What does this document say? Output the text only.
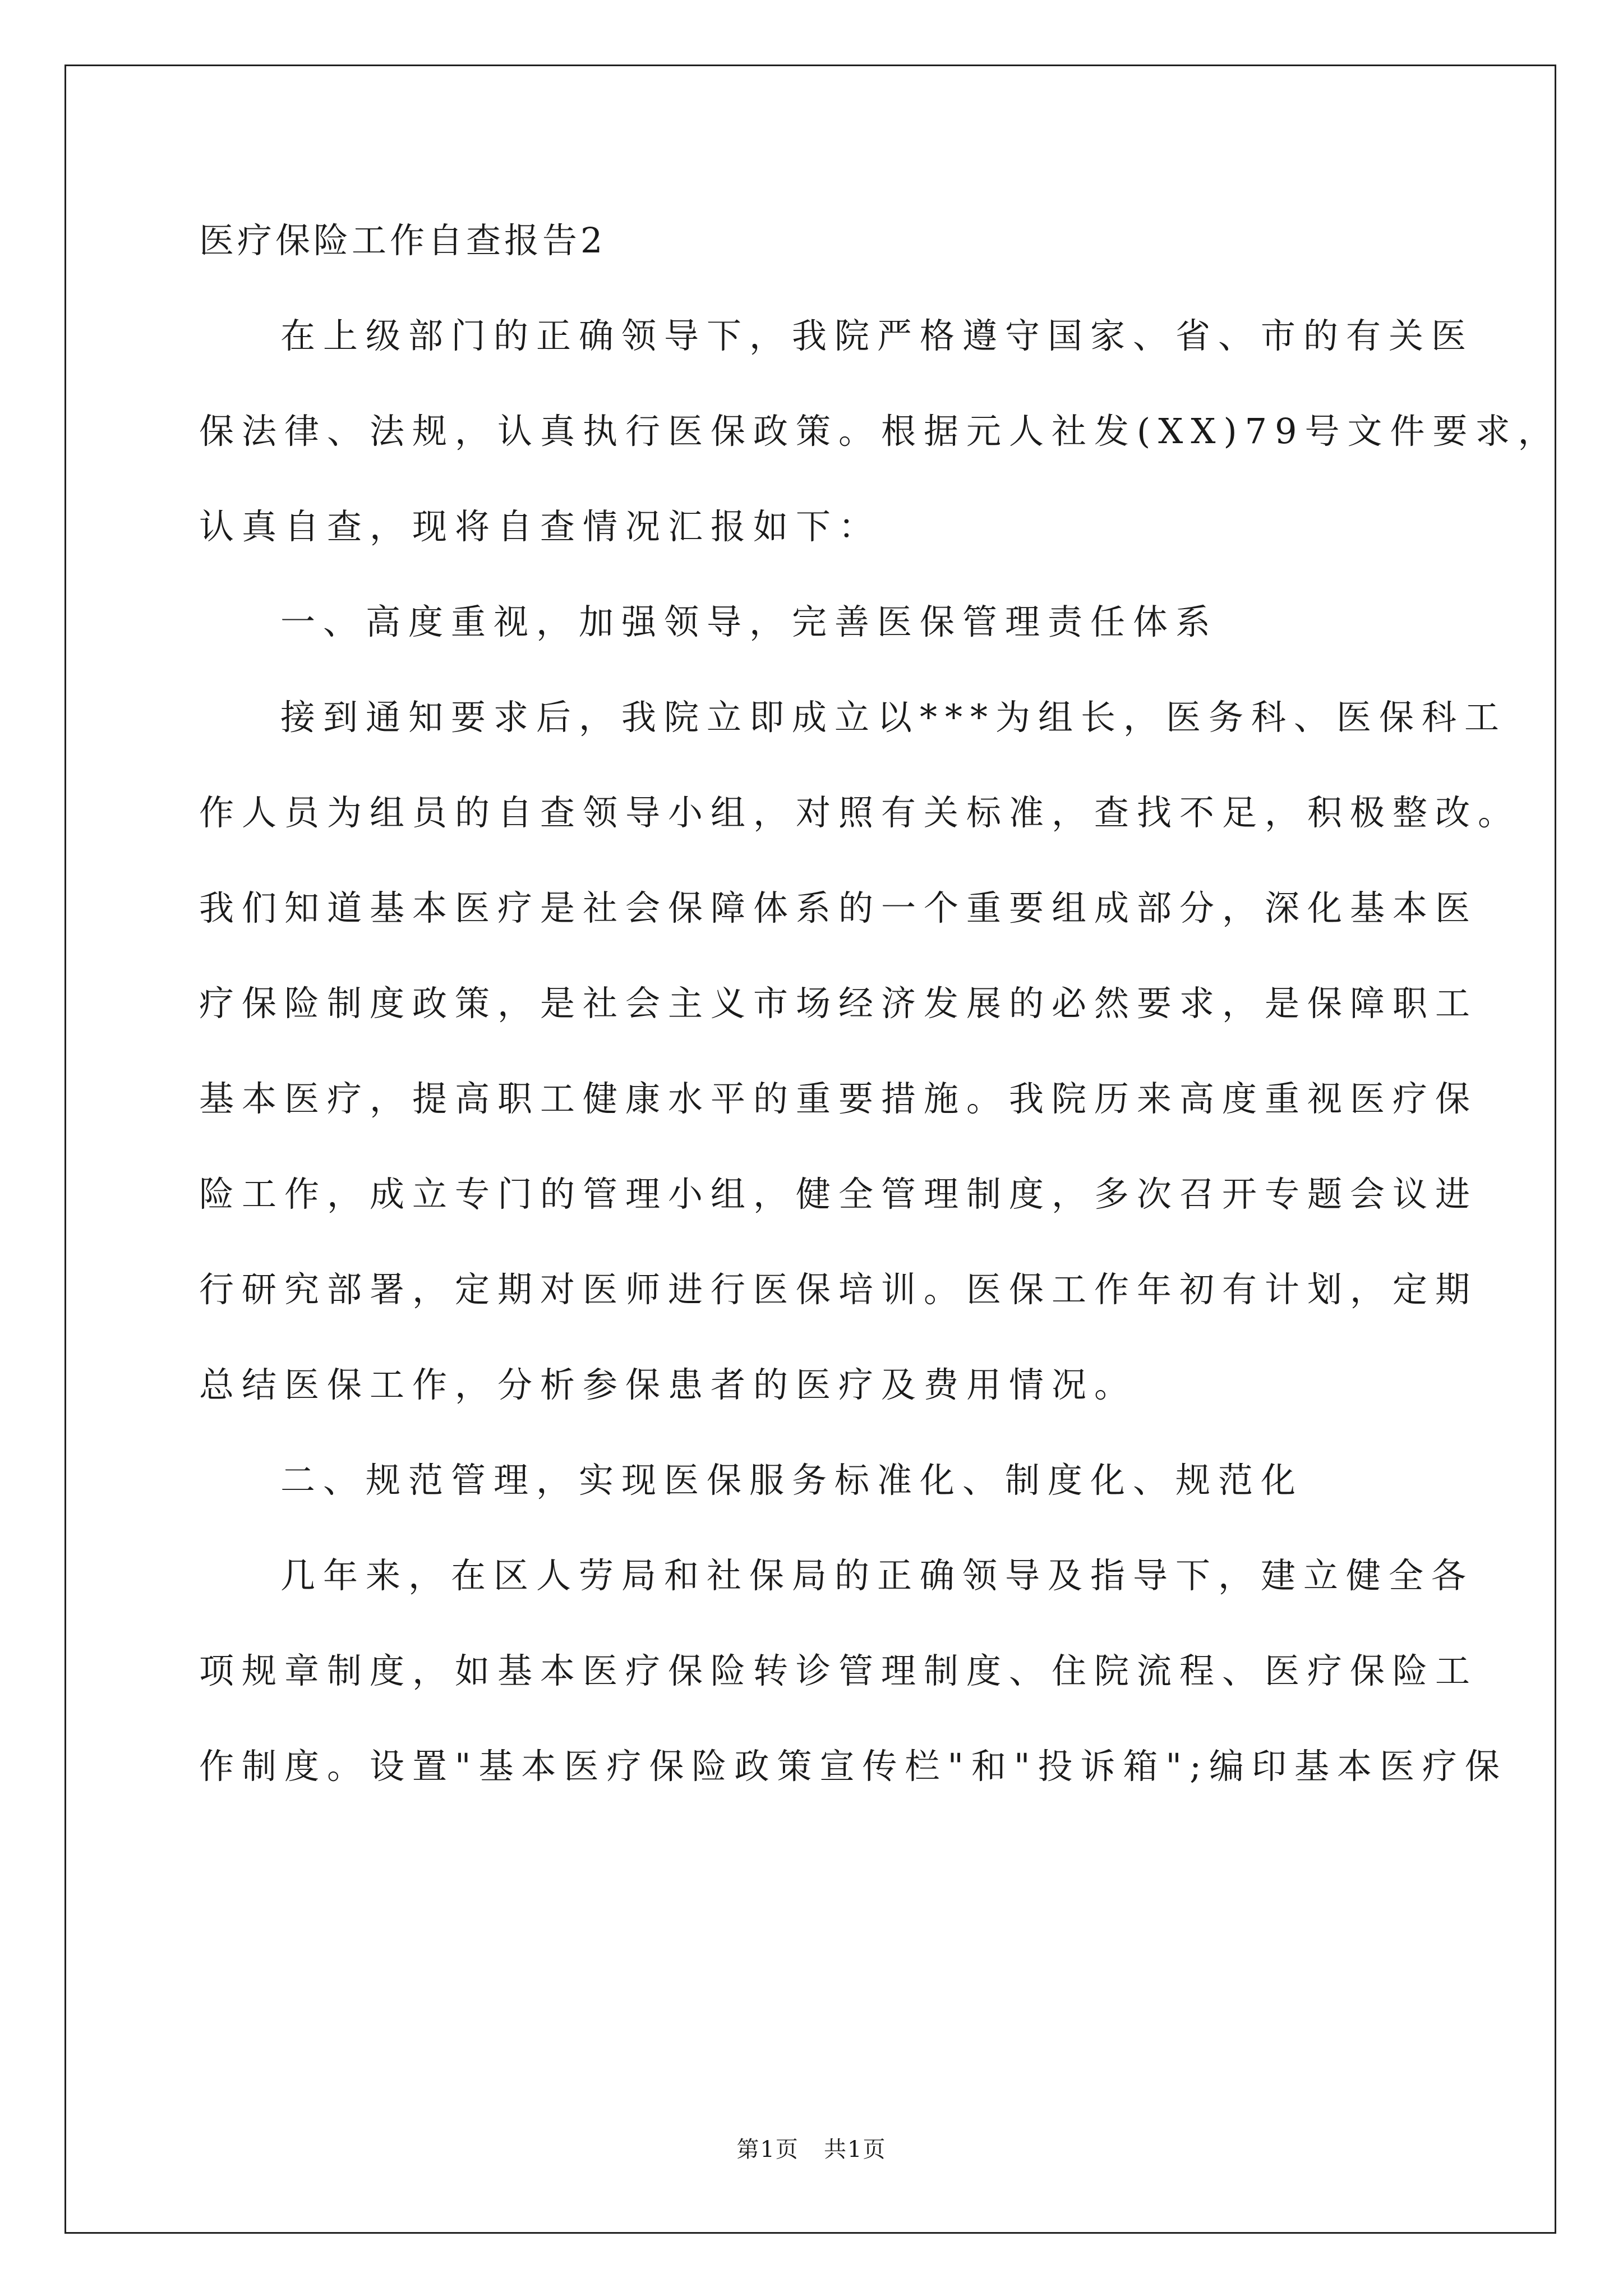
医疗保险工作自查报告2
在上级部门的正确领导下，我院严格遵守国家、省、市的有关医
保法律、法规，认真执行医保政策。根据元人社发(XX)79号文件要求，
认真自查，现将自查情况汇报如下：
一、高度重视，加强领导，完善医保管理责任体系
接到通知要求后，我院立即成立以***为组长，医务科、医保科工
作人员为组员的自查领导小组，对照有关标准，查找不足，积极整改。
我们知道基本医疗是社会保障体系的一个重要组成部分，深化基本医
疗保险制度政策，是社会主义市场经济发展的必然要求，是保障职工
基本医疗，提高职工健康水平的重要措施。我院历来高度重视医疗保
险工作，成立专门的管理小组，健全管理制度，多次召开专题会议进
行研究部署，定期对医师进行医保培训。医保工作年初有计划，定期
总结医保工作，分析参保患者的医疗及费用情况。
二、规范管理，实现医保服务标准化、制度化、规范化
几年来，在区人劳局和社保局的正确领导及指导下，建立健全各
项规章制度，如基本医疗保险转诊管理制度、住院流程、医疗保险工
作制度。设置"基本医疗保险政策宣传栏"和"投诉箱";编印基本医疗保
第1页   共1页
